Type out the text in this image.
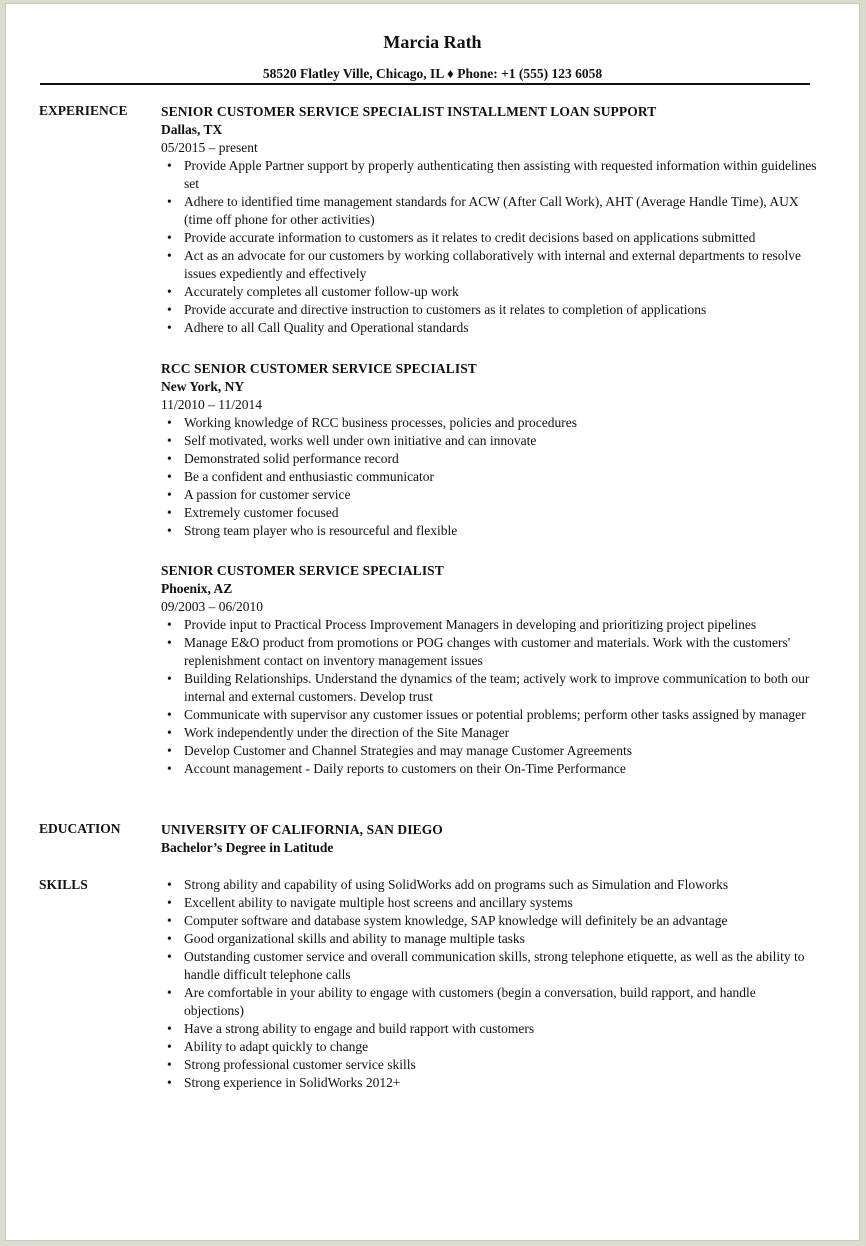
Marcia Rath
58520 Flatley Ville, Chicago, IL ♦ Phone: +1 (555) 123 6058
EXPERIENCE SENIOR CUSTOMER SERVICE SPECIALIST INSTALLMENT LOAN SUPPORT
Dallas, TX
05/2015 – present
• Provide Apple Partner support by properly authenticating then assisting with requested information within guidelines set
• Adhere to identified time management standards for ACW (After Call Work), AHT (Average Handle Time), AUX (time off phone for other activities)
• Provide accurate information to customers as it relates to credit decisions based on applications submitted
• Act as an advocate for our customers by working collaboratively with internal and external departments to resolve issues expediently and effectively
• Accurately completes all customer follow-up work
• Provide accurate and directive instruction to customers as it relates to completion of applications
• Adhere to all Call Quality and Operational standards
RCC SENIOR CUSTOMER SERVICE SPECIALIST
New York, NY
11/2010 – 11/2014
• Working knowledge of RCC business processes, policies and procedures
• Self motivated, works well under own initiative and can innovate
• Demonstrated solid performance record
• Be a confident and enthusiastic communicator
• A passion for customer service
• Extremely customer focused
• Strong team player who is resourceful and flexible
SENIOR CUSTOMER SERVICE SPECIALIST
Phoenix, AZ
09/2003 – 06/2010
• Provide input to Practical Process Improvement Managers in developing and prioritizing project pipelines
• Manage E&O product from promotions or POG changes with customer and materials. Work with the customers' replenishment contact on inventory management issues
• Building Relationships. Understand the dynamics of the team; actively work to improve communication to both our internal and external customers. Develop trust
• Communicate with supervisor any customer issues or potential problems; perform other tasks assigned by manager
• Work independently under the direction of the Site Manager
• Develop Customer and Channel Strategies and may manage Customer Agreements
• Account management - Daily reports to customers on their On-Time Performance
EDUCATION	UNIVERSITY OF CALIFORNIA, SAN DIEGO
Bachelor’s Degree in Latitude
SKILLS	• Strong ability and capability of using SolidWorks add on programs such as Simulation and Floworks
• Excellent ability to navigate multiple host screens and ancillary systems
• Computer software and database system knowledge, SAP knowledge will definitely be an advantage
• Good organizational skills and ability to manage multiple tasks
• Outstanding customer service and overall communication skills, strong telephone etiquette, as well as the ability to handle difficult telephone calls
• Are comfortable in your ability to engage with customers (begin a conversation, build rapport, and handle objections)
• Have a strong ability to engage and build rapport with customers
• Ability to adapt quickly to change
• Strong professional customer service skills
• Strong experience in SolidWorks 2012+
